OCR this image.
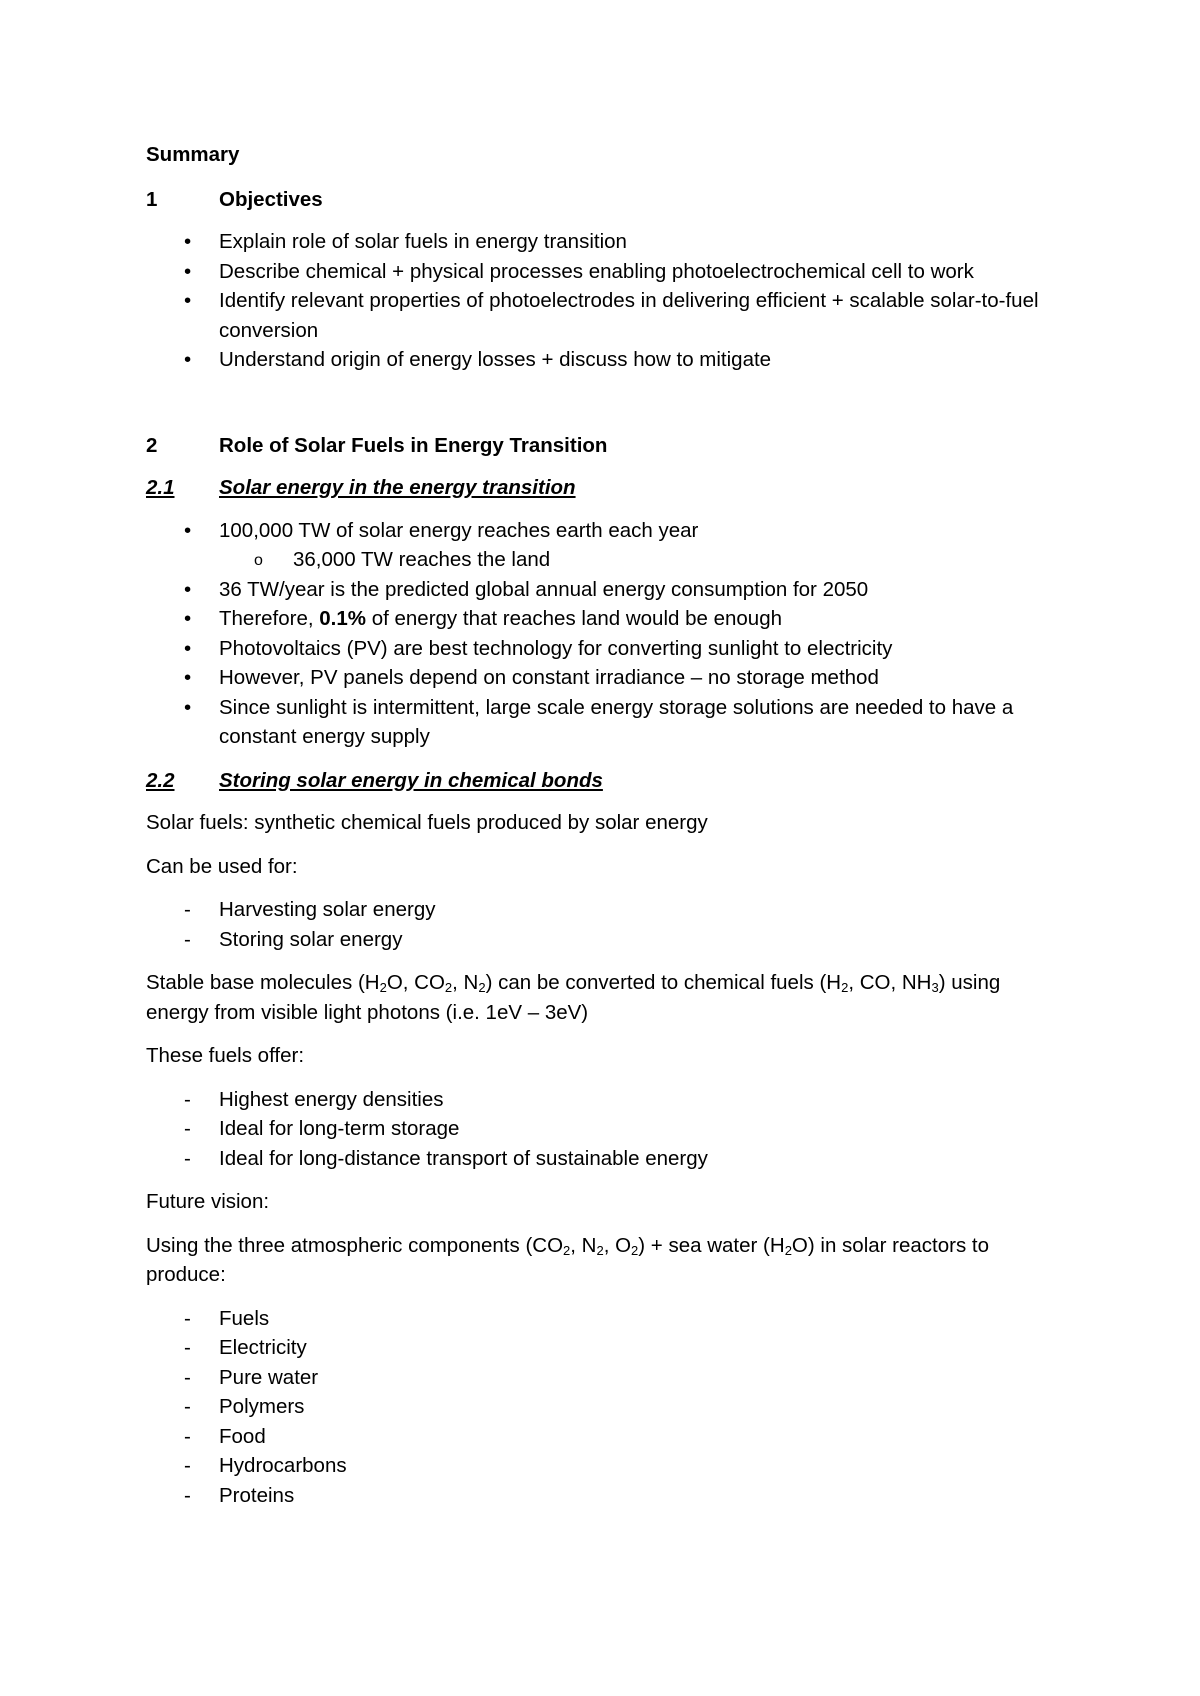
Summary
1	Objectives
•	Explain role of solar fuels in energy transition
•	Describe chemical + physical processes enabling photoelectrochemical cell to work
•	Identify relevant properties of photoelectrodes in delivering efficient + scalable solar-to-fuel conversion
•	Understand origin of energy losses + discuss how to mitigate
2	Role of Solar Fuels in Energy Transition
2.1	Solar energy in the energy transition
•	100,000 TW of solar energy reaches earth each year
o	36,000 TW reaches the land
•	36 TW/year is the predicted global annual energy consumption for 2050
•	Therefore, 0.1% of energy that reaches land would be enough
•	Photovoltaics (PV) are best technology for converting sunlight to electricity
•	However, PV panels depend on constant irradiance – no storage method
•	Since sunlight is intermittent, large scale energy storage solutions are needed to have a constant energy supply
2.2	Storing solar energy in chemical bonds

Solar fuels: synthetic chemical fuels produced by solar energy

Can be used for:

-	Harvesting solar energy
-	Storing solar energy

Stable base molecules ($H_2O$, $CO_2$, $N_2$) can be converted to chemical fuels ($H_2$, CO, $NH_3$) using energy from visible light photons (i.e. 1eV – 3eV)

These fuels offer:

-	Highest energy densities
-	Ideal for long-term storage
-	Ideal for long-distance transport of sustainable energy

Future vision:

Using the three atmospheric components ($CO_2$, $N_2$, $O_2$) + sea water $(H_2O)$ in solar reactors to produce:

-	Fuels
-	Electricity
-	Pure water
-	Polymers
-	Food
-	Hydrocarbons
-	Proteins
